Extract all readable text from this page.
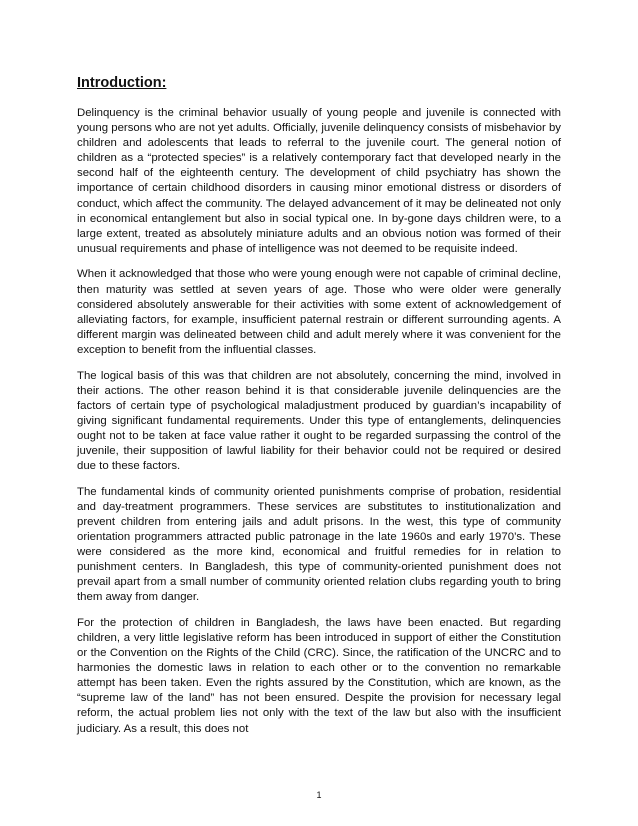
Introduction:

Delinquency is the criminal behavior usually of young people and juvenile is connected with young persons who are not yet adults. Officially, juvenile delinquency consists of misbehavior by children and adolescents that leads to referral to the juvenile court. The general notion of children as a “protected species” is a relatively contemporary fact that developed nearly in the second half of the eighteenth century. The development of child psychiatry has shown the importance of certain childhood disorders in causing minor emotional distress or disorders of conduct, which affect the community. The delayed advancement of it may be delineated not only in economical entanglement but also in social typical one. In by-gone days children were, to a large extent, treated as absolutely miniature adults and an obvious notion was formed of their unusual requirements and phase of intelligence was not deemed to be requisite indeed.

When it acknowledged that those who were young enough were not capable of criminal decline, then maturity was settled at seven years of age. Those who were older were generally considered absolutely answerable for their activities with some extent of acknowledgement of alleviating factors, for example, insufficient paternal restrain or different surrounding agents. A different margin was delineated between child and adult merely where it was convenient for the exception to benefit from the influential classes.

The logical basis of this was that children are not absolutely, concerning the mind, involved in their actions. The other reason behind it is that considerable juvenile delinquencies are the factors of certain type of psychological maladjustment produced by guardian’s incapability of giving significant fundamental requirements. Under this type of entanglements, delinquencies ought not to be taken at face value rather it ought to be regarded surpassing the control of the juvenile, their supposition of lawful liability for their behavior could not be required or desired due to these factors.

The fundamental kinds of community oriented punishments comprise of probation, residential and day-treatment programmers. These services are substitutes to institutionalization and prevent children from entering jails and adult prisons. In the west, this type of community orientation programmers attracted public patronage in the late 1960s and early 1970’s. These were considered as the more kind, economical and fruitful remedies for in relation to punishment centers. In Bangladesh, this type of community-oriented punishment does not prevail apart from a small number of community oriented relation clubs regarding youth to bring them away from danger.

For the protection of children in Bangladesh, the laws have been enacted. But regarding children, a very little legislative reform has been introduced in support of either the Constitution or the Convention on the Rights of the Child (CRC). Since, the ratification of the UNCRC and to harmonies the domestic laws in relation to each other or to the convention no remarkable attempt has been taken. Even the rights assured by the Constitution, which are known, as the “supreme law of the land” has not been ensured. Despite the provision for necessary legal reform, the actual problem lies not only with the text of the law but also with the insufficient judiciary. As a result, this does not

1
